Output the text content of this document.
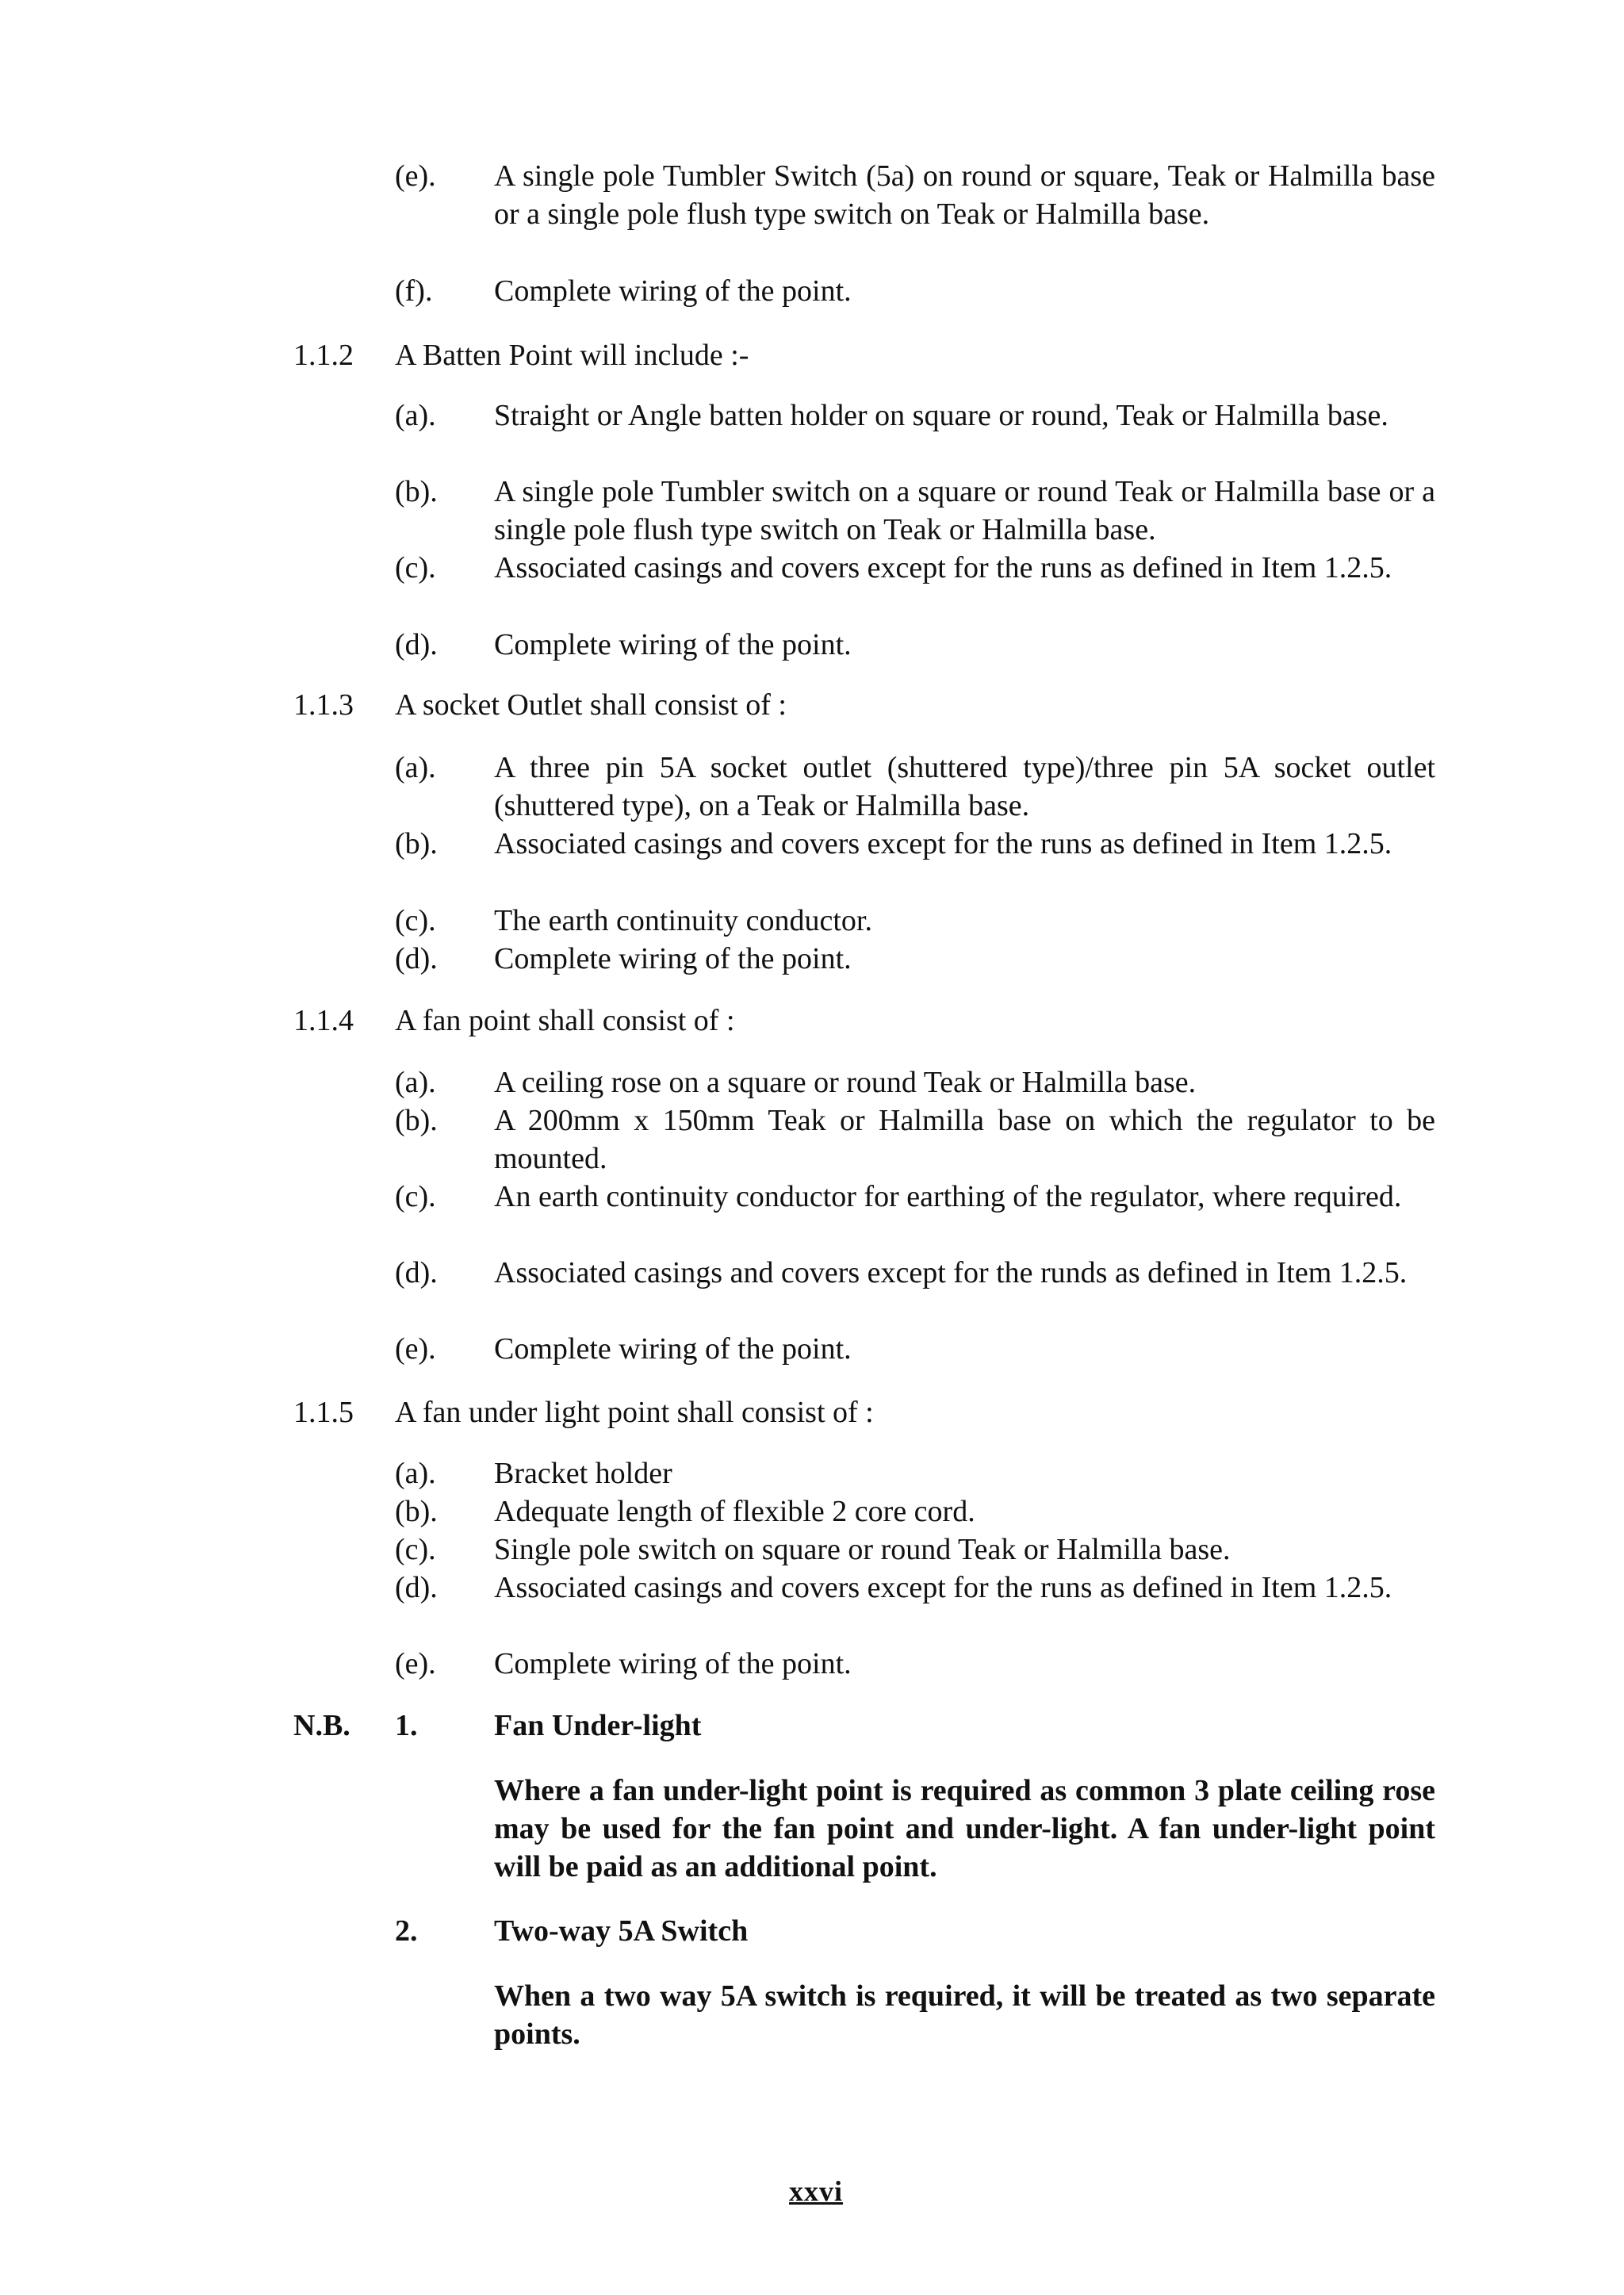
(e). A single pole Tumbler Switch (5a) on round or square, Teak or Halmilla base or a single pole flush type switch on Teak or Halmilla base.
(f). Complete wiring of the point.
1.1.2 A Batten Point will include :-
(a). Straight or Angle batten holder on square or round, Teak or Halmilla base.
(b). A single pole Tumbler switch on a square or round Teak or Halmilla base or a single pole flush type switch on Teak or Halmilla base.
(c). Associated casings and covers except for the runs as defined in Item 1.2.5.
(d). Complete wiring of the point.
1.1.3 A socket Outlet shall consist of :
(a). A three pin 5A socket outlet (shuttered type)/three pin 5A socket outlet (shuttered type), on a Teak or Halmilla base.
(b). Associated casings and covers except for the runs as defined in Item 1.2.5.
(c). The earth continuity conductor.
(d). Complete wiring of the point.
1.1.4 A fan point shall consist of :
(a). A ceiling rose on a square or round Teak or Halmilla base.
(b). A 200mm x 150mm Teak or Halmilla base on which the regulator to be mounted.
(c). An earth continuity conductor for earthing of the regulator, where required.
(d). Associated casings and covers except for the runds as defined in Item 1.2.5.
(e). Complete wiring of the point.
1.1.5 A fan under light point shall consist of :
(a). Bracket holder
(b). Adequate length of flexible 2 core cord.
(c). Single pole switch on square or round Teak or Halmilla base.
(d). Associated casings and covers except for the runs as defined in Item 1.2.5.
(e). Complete wiring of the point.
N.B. 1.	Fan Under-light
Where a fan under-light point is required as common 3 plate ceiling rose may be used for the fan point and under-light. A fan under-light point will be paid as an additional point.
2.	Two-way 5A Switch
When a two way 5A switch is required, it will be treated as two separate points.
xxvi
